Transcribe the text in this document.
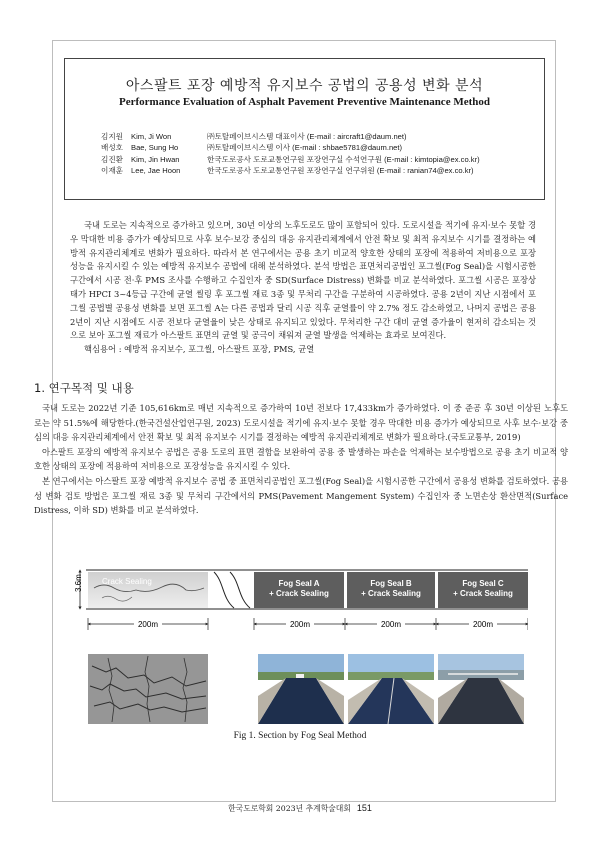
아스팔트 포장 예방적 유지보수 공법의 공용성 변화 분석
Performance Evaluation of Asphalt Pavement Preventive Maintenance Method
김지원 Kim, Ji Won	㈜토탈페이브시스템 대표이사 (E-mail : aircraft1@daum.net)
배성호 Bae, Sung Ho	㈜토탈페이브시스템 이사 (E-mail : shbae5781@daum.net)
김진환 Kim, Jin Hwan	한국도로공사 도로교통연구원 포장연구실 수석연구원 (E-mail : kimtopia@ex.co.kr)
이재훈 Lee, Jae Hoon	한국도로공사 도로교통연구원 포장연구실 연구위원 (E-mail : ranian74@ex.co.kr)

국내 도로는 지속적으로 증가하고 있으며, 30년 이상의 노후도로도 많이 포함되어 있다. 도로시설을 적기에 유지·보수 못할 경우 막대한 비용 증가가 예상되므로 사후 보수·보강 중심의 대응 유지관리체계에서 안전 확보 및 최적 유지보수 시기를 결정하는 예방적 유지관리체계로 변화가 필요하다. 따라서 본 연구에서는 공용 초기 비교적 양호한 상태의 포장에 적용하여 저비용으로 포장성능을 유지시킬 수 있는 예방적 유지보수 공법에 대해 분석하였다. 분석 방법은 표면처리공법인 포그씰(Fog Seal)을 시험시공한 구간에서 시공 전·후 PMS 조사를 수행하고 수집인자 중 SD(Surface Distress) 변화를 비교 분석하였다. 포그씰 시공은 포장상태가 HPCI 3~4등급 구간에 균열 씰링 후 포그씰 재료 3종 및 무처리 구간을 구분하여 시공하였다. 공용 2년이 지난 시점에서 포그씰 공법별 공용성 변화를 보면 포그씰 A는 다른 공법과 달리 시공 직후 균열률이 약 2.7% 정도 감소하였고, 나머지 공법은 공용 2년이 지난 시점에도 시공 전보다 균열율이 낮은 상태로 유지되고 있었다. 무처리한 구간 대비 균열 증가율이 현저히 감소되는 것으로 보아 포그씰 재료가 아스팔트 표면의 균열 및 공극이 채워져 균열 발생을 억제하는 효과로 보여진다.

핵심용어 : 예방적 유지보수, 포그씰, 아스팔트 포장, PMS, 균열

1. 연구목적 및 내용

국내 도로는 2022년 기준 105,616km로 매년 지속적으로 증가하여 10년 전보다 17,433km가 증가하였다. 이 중 준공 후 30년 이상된 노후도로는 약 51.5%에 해당한다.(한국건설산업연구원, 2023) 도로시설을 적기에 유지·보수 못할 경우 막대한 비용 증가가 예상되므로 사후 보수·보강 중심의 대응 유지관리체계에서 안전 확보 및 최적 유지보수 시기를 결정하는 예방적 유지관리체계로 변화가 필요하다.(국토교통부, 2019)

아스팔트 포장의 예방적 유지보수 공법은 공용 도로의 표면 결함을 보완하여 공용 중 발생하는 파손을 억제하는 보수방법으로 공용 초기 비교적 양호한 상태의 포장에 적용하여 저비용으로 포장성능을 유지시킬 수 있다.

본 연구에서는 아스팔트 포장 예방적 유지보수 공법 중 표면처리공법인 포그씰(Fog Seal)을 시험시공한 구간에서 공용성 변화를 검토하였다. 공용성 변화 검토 방법은 포그씰 재료 3종 및 무처리 구간에서의 PMS(Pavement Mangement System) 수집인자 중 노면손상 환산면적(Surface Distress, 이하 SD) 변화를 비교 분석하였다.

3.6m Crack Sealing	Fog Seal A
+ Crack Sealing
Fog Seal B
+ Crack Sealing
Fog Seal C
+ Crack Sealing
200m	200m	200m	200m
Fig 1. Section by Fog Seal Method
한국도로학회 2023년 추계학술대회 151
